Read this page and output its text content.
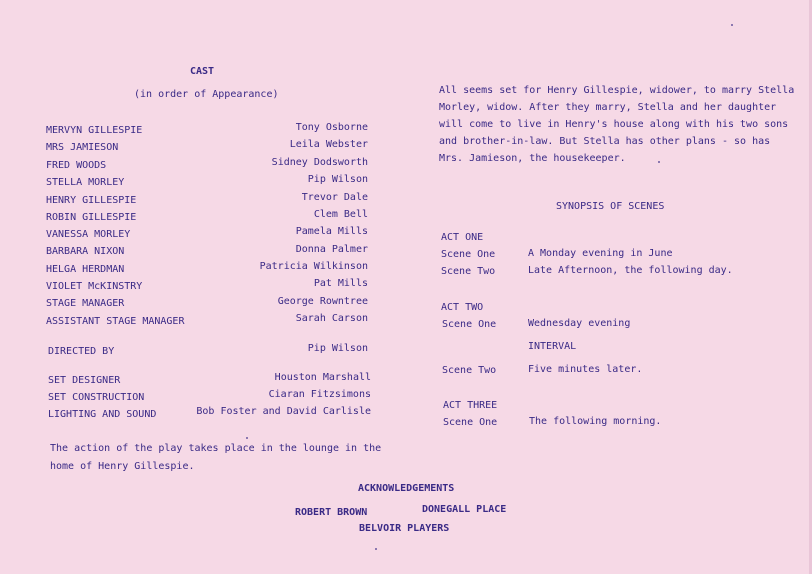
CAST
(in order of Appearance)
MERVYN GILLESPIE	Tony Osborne
MRS JAMIESON	Leila Webster
FRED WOODS	Sidney Dodsworth
STELLA MORLEY	Pip Wilson
HENRY GILLESPIE	Trevor Dale
ROBIN GILLESPIE	Clem Bell
VANESSA MORLEY	Pamela Mills
BARBARA NIXON	Donna Palmer
HELGA HERDMAN	Patricia Wilkinson
VIOLET McKINSTRY	Pat Mills
STAGE MANAGER	George Rowntree
ASSISTANT STAGE MANAGER	Sarah Carson
DIRECTED BY	Pip Wilson
SET DESIGNER	Houston Marshall
SET CONSTRUCTION	Ciaran Fitzsimons
LIGHTING AND SOUND	Bob Foster and David Carlisle
The action of the play takes place in the lounge in the
home of Henry Gillespie.
All seems set for Henry Gillespie, widower, to marry Stella
Morley, widow. After they marry, Stella and her daughter
will come to live in Henry's house along with his two sons
and brother-in-law. But Stella has other plans - so has
Mrs. Jamieson, the housekeeper.
SYNOPSIS OF SCENES
ACT ONE
Scene One	A Monday evening in June
Scene Two	Late Afternoon, the following day.
ACT TWO
Scene One	Wednesday evening
INTERVAL
Scene Two	Five minutes later.
ACT THREE
Scene One	The following morning.
ACKNOWLEDGEMENTS
ROBERT BROWN	DONEGALL PLACE
BELVOIR PLAYERS
